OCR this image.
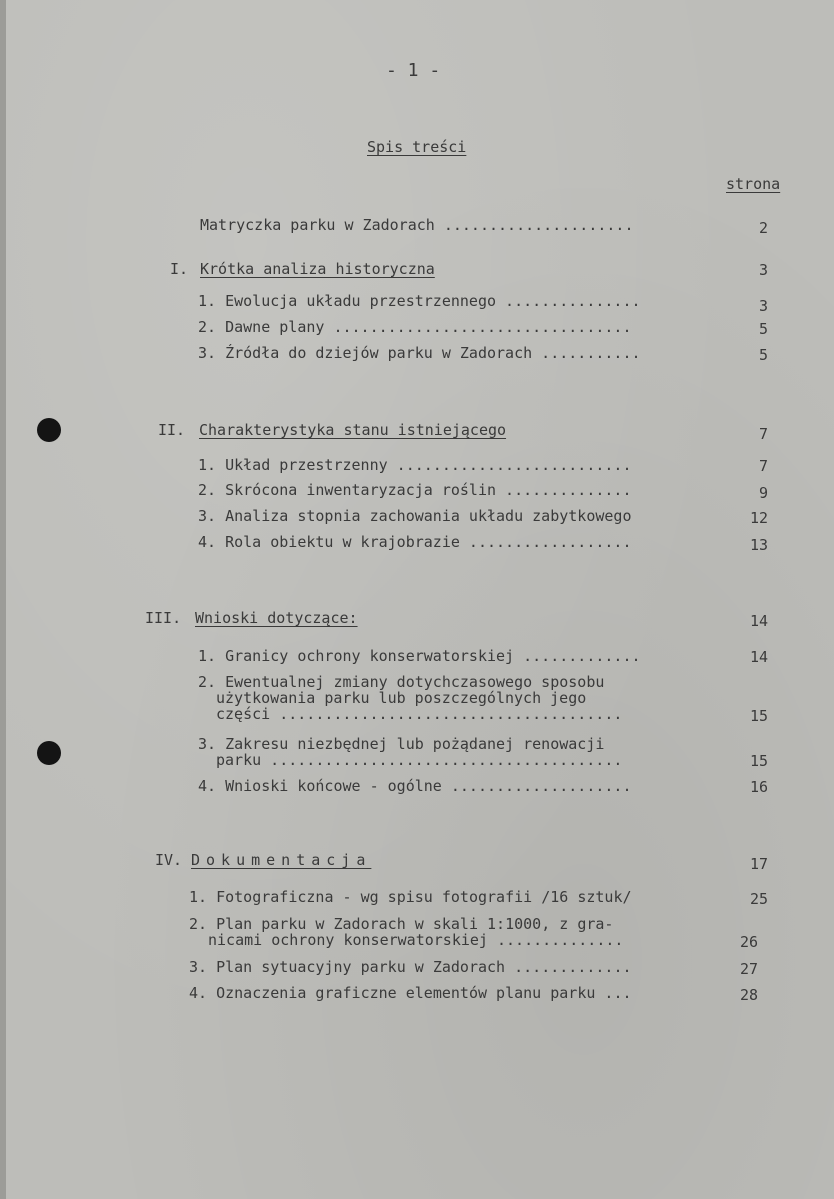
- 1 -
Spis treści
strona
Matryczka parku w Zadorach .....................	2
I. Krótka analiza historyczna	3
1. Ewolucja układu przestrzennego ...............	3
2. Dawne plany .................................	5
3. Źródła do dziejów parku w Zadorach ...........	5
II. Charakterystyka stanu istniejącego	7
1. Układ przestrzenny ..........................	7
2. Skrócona inwentaryzacja roślin ..............	9
3. Analiza stopnia zachowania układu zabytkowego	12
4. Rola obiektu w krajobrazie ..................	13
III. Wnioski dotyczące:	14
1. Granicy ochrony konserwatorskiej .............	14
2. Ewentualnej zmiany dotychczasowego sposobu
użytkowania parku lub poszczególnych jego
części ......................................	15
3. Zakresu niezbędnej lub pożądanej renowacji
parku .......................................	15
4. Wnioski końcowe - ogólne ....................	16
IV. Dokumentacja	17
1. Fotograficzna - wg spisu fotografii /16 sztuk/	25
2. Plan parku w Zadorach w skali 1:1000, z gra-
nicami ochrony konserwatorskiej ..............	26
3. Plan sytuacyjny parku w Zadorach .............	27
4. Oznaczenia graficzne elementów planu parku ...	28
